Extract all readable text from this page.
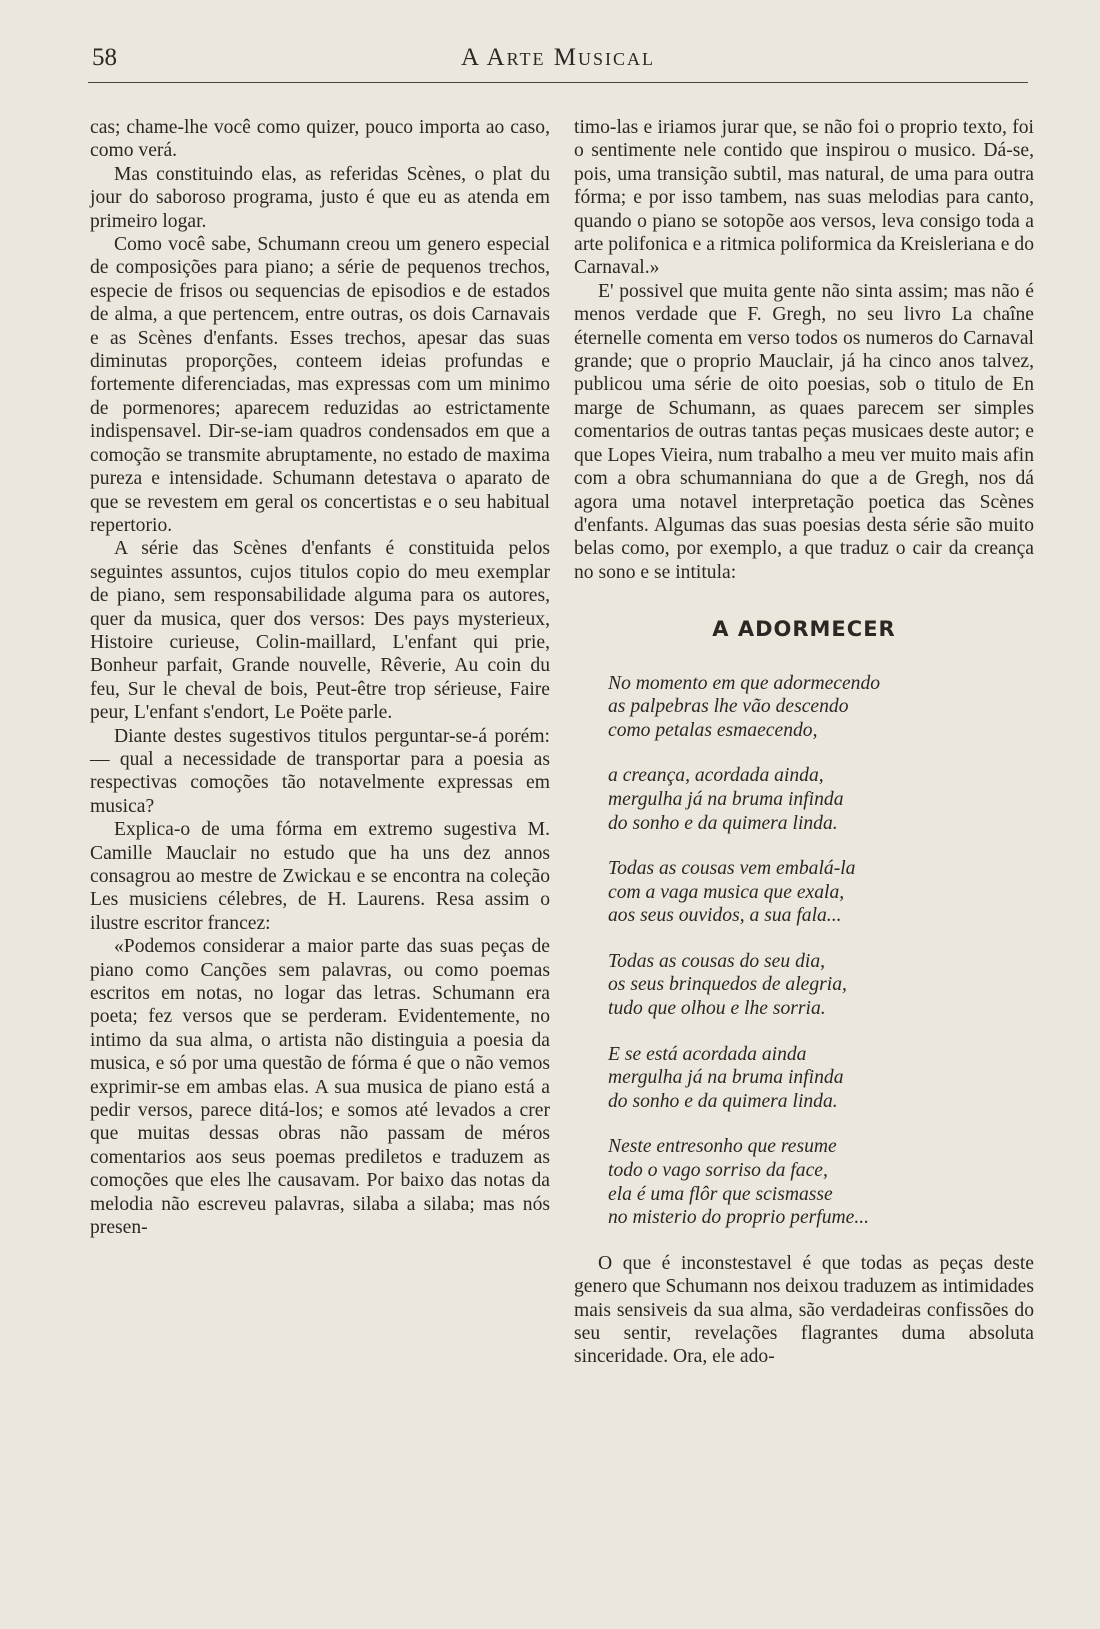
58	A Arte Musical

cas; chame-lhe você como quizer, pouco importa ao caso, como verá.

Mas constituindo elas, as referidas Scènes, o plat du jour do saboroso programa, justo é que eu as atenda em primeiro logar.

Como você sabe, Schumann creou um genero especial de composições para piano; a série de pequenos trechos, especie de frisos ou sequencias de episodios e de estados de alma, a que pertencem, entre outras, os dois Carnavais e as Scènes d'enfants. Esses trechos, apesar das suas diminutas proporções, conteem ideias profundas e fortemente diferenciadas, mas expressas com um minimo de pormenores; aparecem reduzidas ao estrictamente indispensavel. Dir-se-iam quadros condensados em que a comoção se transmite abruptamente, no estado de maxima pureza e intensidade. Schumann detestava o aparato de que se revestem em geral os concertistas e o seu habitual repertorio.

A série das Scènes d'enfants é constituida pelos seguintes assuntos, cujos titulos copio do meu exemplar de piano, sem responsabilidade alguma para os autores, quer da musica, quer dos versos: Des pays mysterieux, Histoire curieuse, Colin-maillard, L'enfant qui prie, Bonheur parfait, Grande nouvelle, Rêverie, Au coin du feu, Sur le cheval de bois, Peut-être trop sérieuse, Faire peur, L'enfant s'endort, Le Poëte parle.

Diante destes sugestivos titulos perguntar-se-á porém: — qual a necessidade de transportar para a poesia as respectivas comoções tão notavelmente expressas em musica?

Explica-o de uma fórma em extremo sugestiva M. Camille Mauclair no estudo que ha uns dez annos consagrou ao mestre de Zwickau e se encontra na coleção Les musiciens célebres, de H. Laurens. Resa assim o ilustre escritor francez:

«Podemos considerar a maior parte das suas peças de piano como Canções sem palavras, ou como poemas escritos em notas, no logar das letras. Schumann era poeta; fez versos que se perderam. Evidentemente, no intimo da sua alma, o artista não distinguia a poesia da musica, e só por uma questão de fórma é que o não vemos exprimir-se em ambas elas. A sua musica de piano está a pedir versos, parece ditá-los; e somos até levados a crer que muitas dessas obras não passam de méros comentarios aos seus poemas prediletos e traduzem as comoções que eles lhe causavam. Por baixo das notas da melodia não escreveu palavras, silaba a silaba; mas nós presen-

timo-las e iriamos jurar que, se não foi o proprio texto, foi o sentimente nele contido que inspirou o musico. Dá-se, pois, uma transição subtil, mas natural, de uma para outra fórma; e por isso tambem, nas suas melodias para canto, quando o piano se sotopõe aos versos, leva consigo toda a arte polifonica e a ritmica poliformica da Kreisleriana e do Carnaval.»

E' possivel que muita gente não sinta assim; mas não é menos verdade que F. Gregh, no seu livro La chaîne éternelle comenta em verso todos os numeros do Carnaval grande; que o proprio Mauclair, já ha cinco anos talvez, publicou uma série de oito poesias, sob o titulo de En marge de Schumann, as quaes parecem ser simples comentarios de outras tantas peças musicaes deste autor; e que Lopes Vieira, num trabalho a meu ver muito mais afin com a obra schumanniana do que a de Gregh, nos dá agora uma notavel interpretação poetica das Scènes d'enfants. Algumas das suas poesias desta série são muito belas como, por exemplo, a que traduz o cair da creança no sono e se intitula:

A ADORMECER
No momento em que adormecendo
as palpebras lhe vão descendo
como petalas esmaecendo,
a creança, acordada ainda,
mergulha já na bruma infinda
do sonho e da quimera linda.
Todas as cousas vem embalá-la
com a vaga musica que exala,
aos seus ouvidos, a sua fala...
Todas as cousas do seu dia,
os seus brinquedos de alegria,
tudo que olhou e lhe sorria.
E se está acordada ainda
mergulha já na bruma infinda
do sonho e da quimera linda.
Neste entresonho que resume
todo o vago sorriso da face,
ela é uma flôr que scismasse
no misterio do proprio perfume...

O que é inconstestavel é que todas as peças deste genero que Schumann nos deixou traduzem as intimidades mais sensiveis da sua alma, são verdadeiras confissões do seu sentir, revelações flagrantes duma absoluta sinceridade. Ora, ele ado-
